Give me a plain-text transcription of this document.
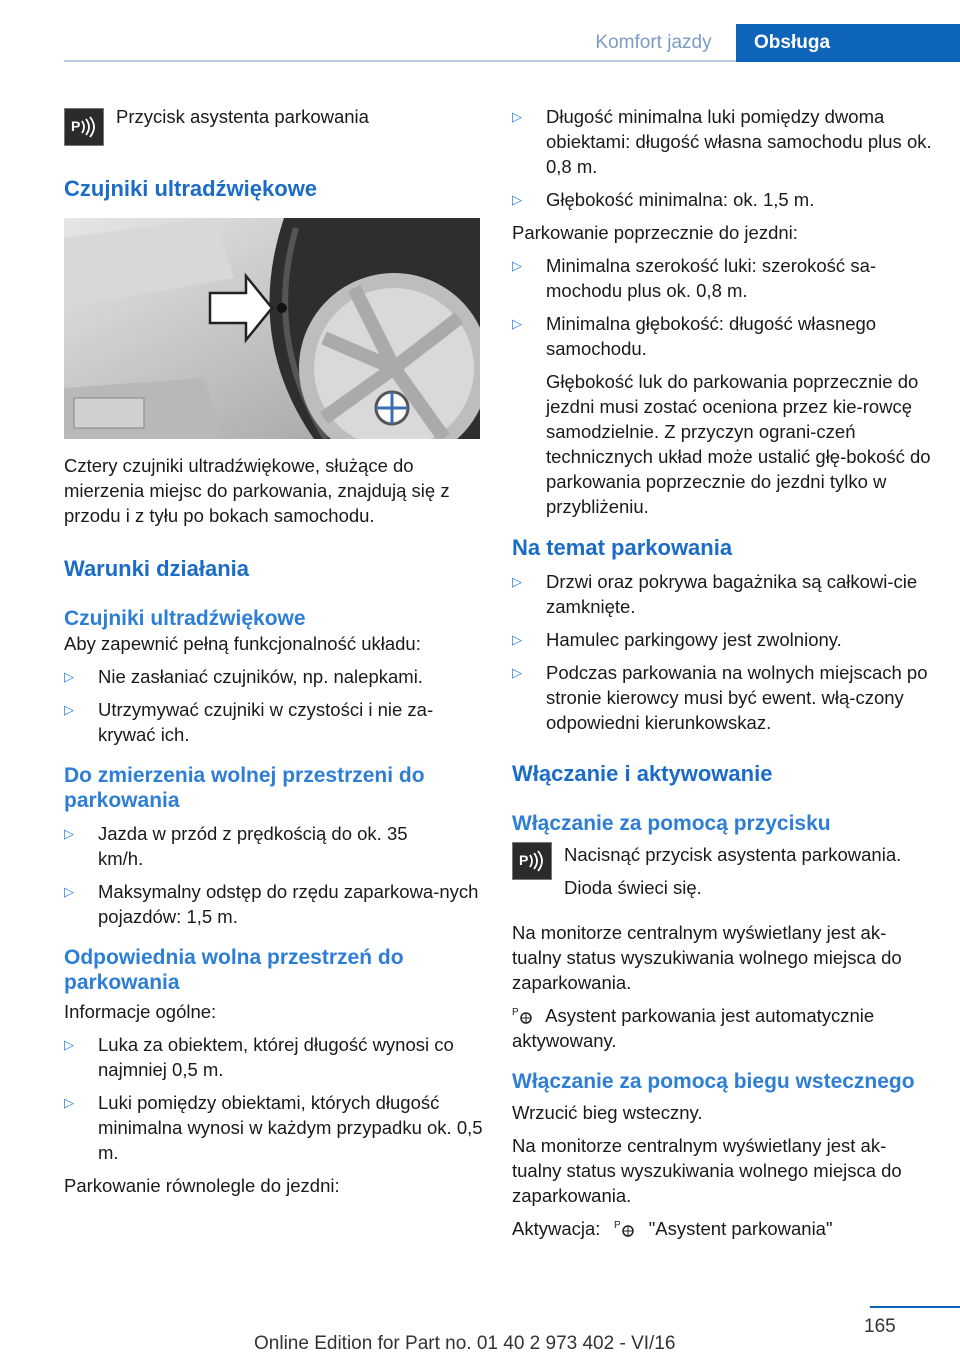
Komfort jazdy	Obsługa
P Przycisk asystenta parkowania

Czujniki ultradźwiękowe

Cztery czujniki ultradźwiękowe, służące do mierzenia miejsc do parkowania, znajdują się z przodu i z tyłu po bokach samochodu.

Warunki działania
Czujniki ultradźwiękowe

Aby zapewnić pełną funkcjonalność układu:

▷	Nie zasłaniać czujników, np. nalepkami.
▷	Utrzymywać czujniki w czystości i nie za-krywać ich.
Do zmierzenia wolnej przestrzeni do parkowania
▷	Jazda w przód z prędkością do ok. 35 km/h.
▷	Maksymalny odstęp do rzędu zaparkowa-nych pojazdów: 1,5 m.
Odpowiednia wolna przestrzeń do parkowania

Informacje ogólne:

▷	Luka za obiektem, której długość wynosi co najmniej 0,5 m.
▷	Luki pomiędzy obiektami, których długość minimalna wynosi w każdym przypadku ok. 0,5 m.

Parkowanie równolegle do jezdni:

▷	Długość minimalna luki pomiędzy dwoma obiektami: długość własna samochodu plus ok. 0,8 m.
▷	Głębokość minimalna: ok. 1,5 m.

Parkowanie poprzecznie do jezdni:

▷	Minimalna szerokość luki: szerokość sa-mochodu plus ok. 0,8 m.
▷	Minimalna głębokość: długość własnego samochodu.

Głębokość luk do parkowania poprzecznie do jezdni musi zostać oceniona przez kie-rowcę samodzielnie. Z przyczyn ograni-czeń technicznych układ może ustalić głę-bokość do parkowania poprzecznie do jezdni tylko w przybliżeniu.

Na temat parkowania
▷	Drzwi oraz pokrywa bagażnika są całkowi-cie zamknięte.
▷	Hamulec parkingowy jest zwolniony.
▷	Podczas parkowania na wolnych miejscach po stronie kierowcy musi być ewent. włą-czony odpowiedni kierunkowskaz.
Włączanie i aktywowanie
Włączanie za pomocą przycisku
P Nacisnąć przycisk asystenta parkowania.

Dioda świeci się.

Na monitorze centralnym wyświetlany jest ak-tualny status wyszukiwania wolnego miejsca do zaparkowania.

P Asystent parkowania jest automatycznie aktywowany.

Włączanie za pomocą biegu wstecznego

Wrzucić bieg wsteczny.

Na monitorze centralnym wyświetlany jest ak-tualny status wyszukiwania wolnego miejsca do zaparkowania.

Aktywacja: P "Asystent parkowania"

165
Online Edition for Part no. 01 40 2 973 402 - VI/16
